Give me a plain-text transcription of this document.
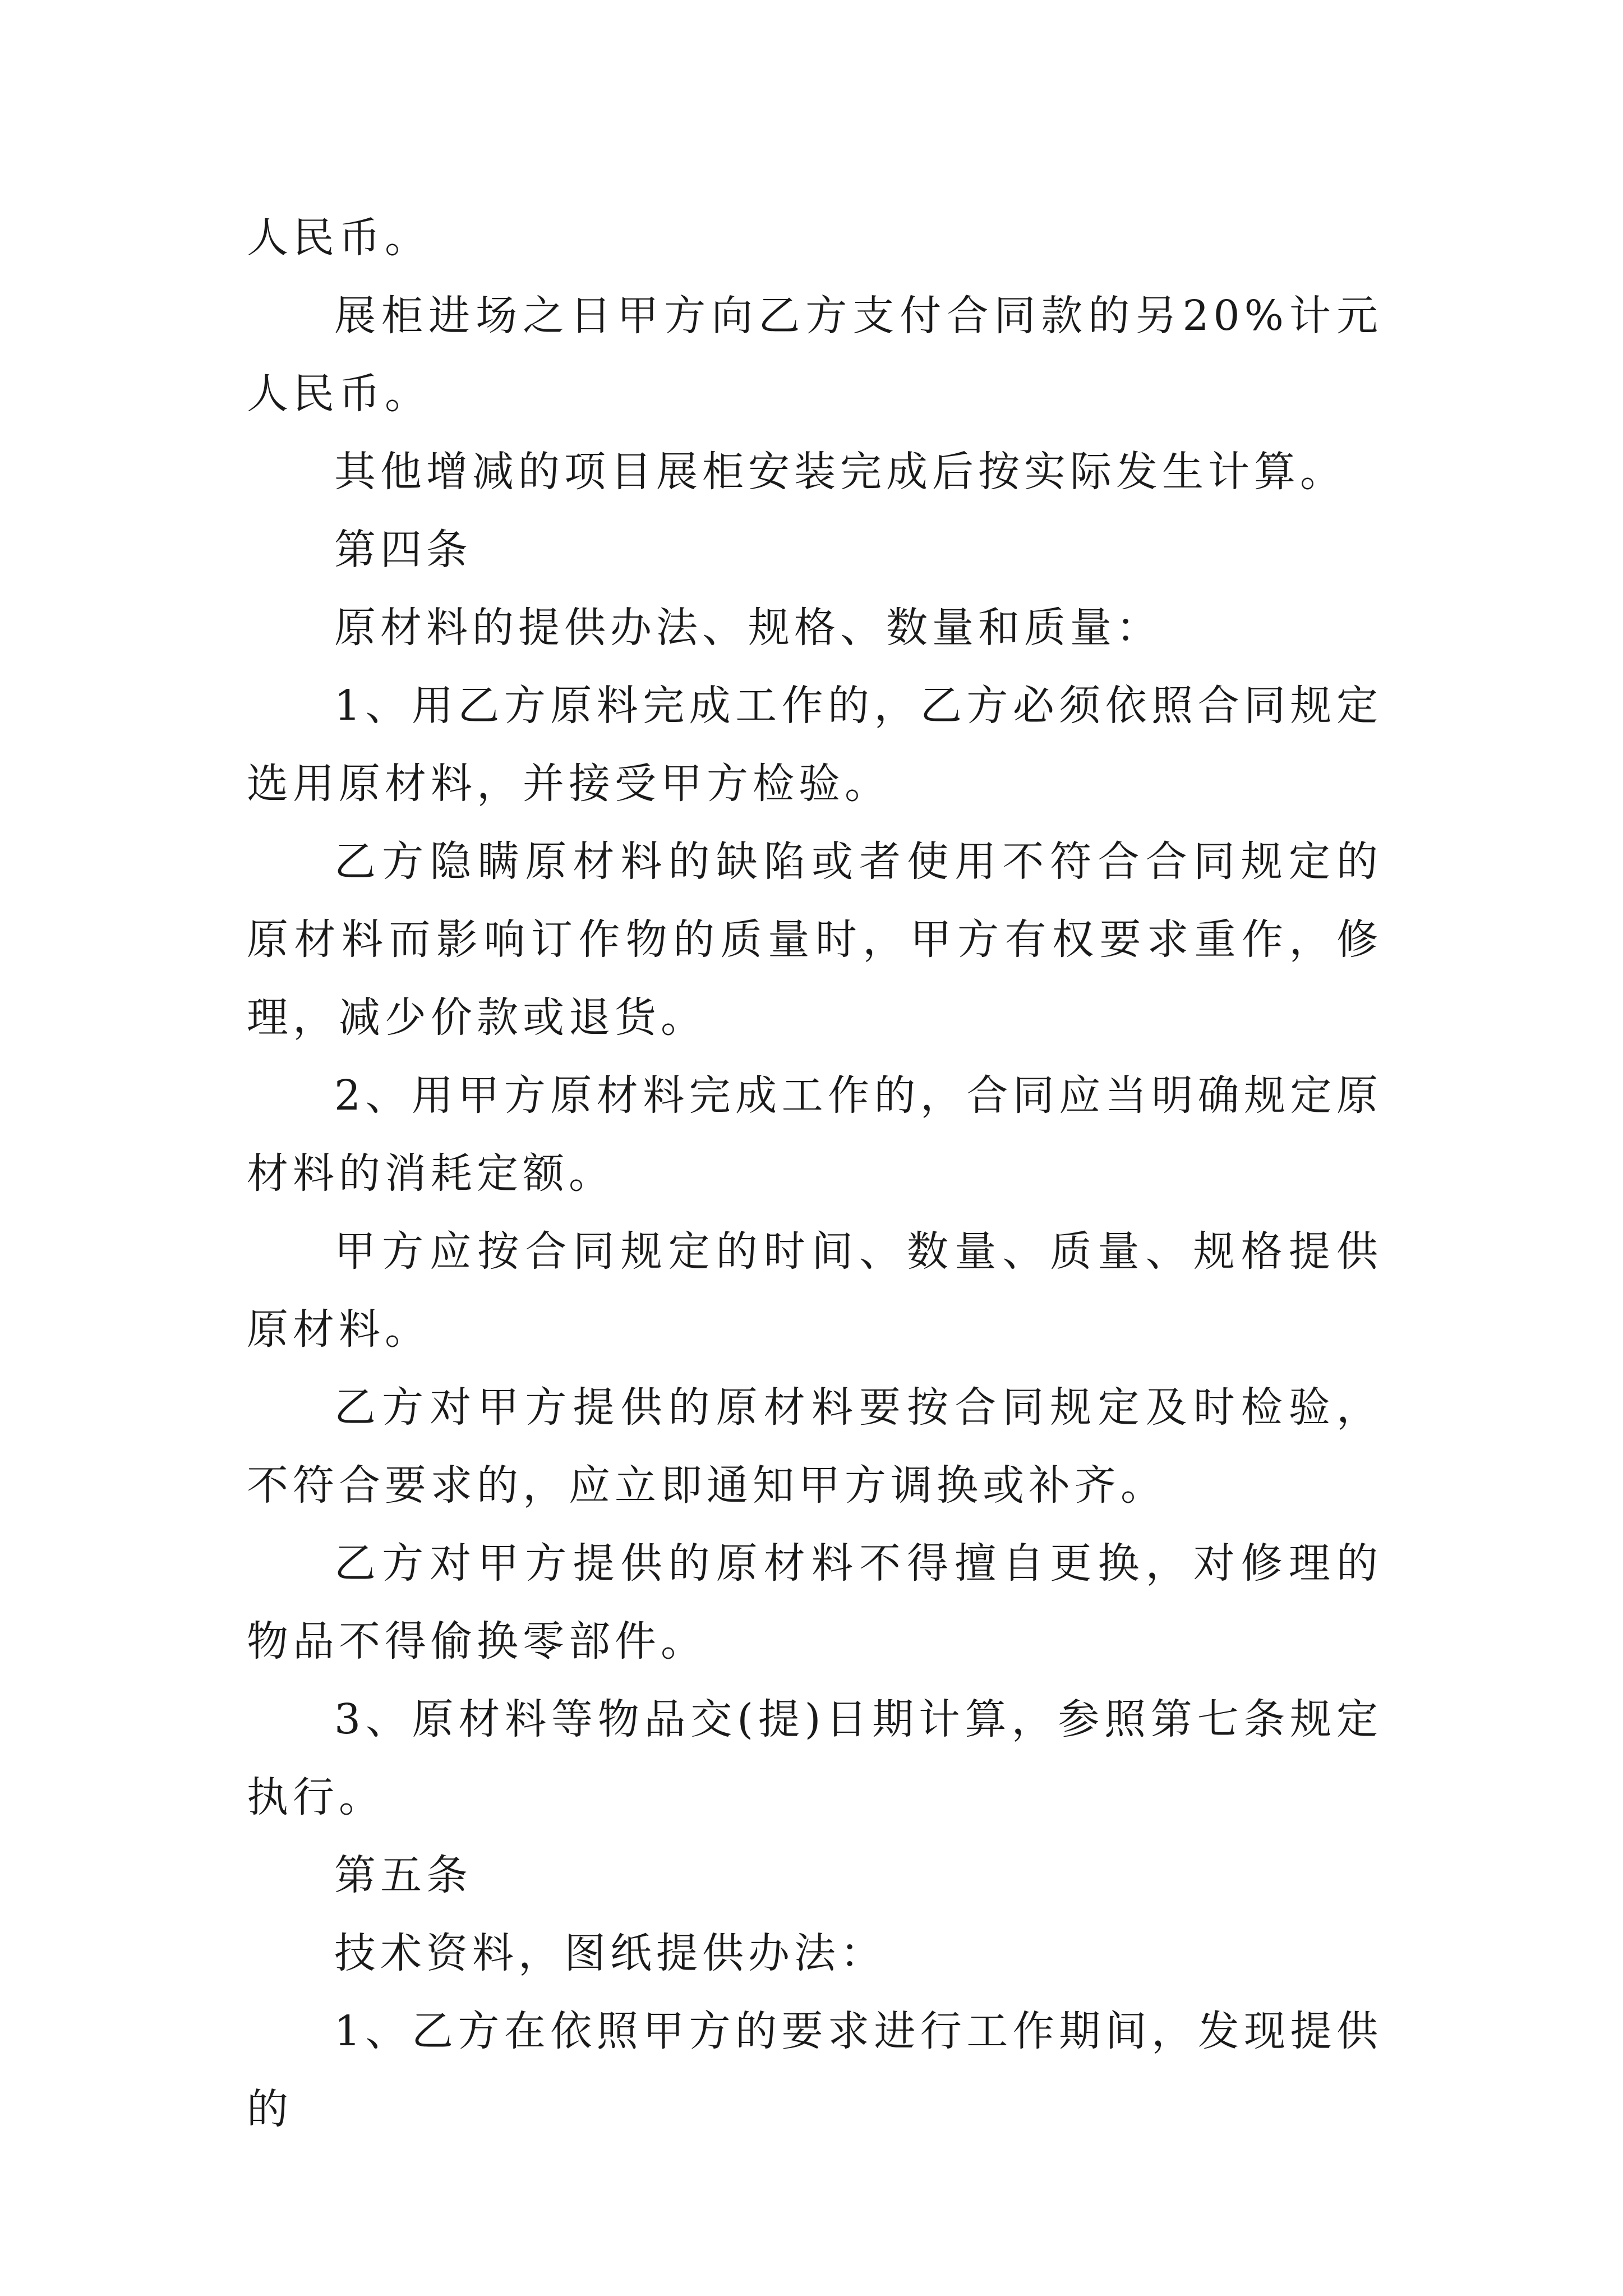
人民币。

展柜进场之日甲方向乙方支付合同款的另20%计元人民币。

其他增减的项目展柜安装完成后按实际发生计算。

第四条

原材料的提供办法、规格、数量和质量：

1、用乙方原料完成工作的，乙方必须依照合同规定选用原材料，并接受甲方检验。

乙方隐瞒原材料的缺陷或者使用不符合合同规定的原材料而影响订作物的质量时，甲方有权要求重作，修理，减少价款或退货。

2、用甲方原材料完成工作的，合同应当明确规定原材料的消耗定额。

甲方应按合同规定的时间、数量、质量、规格提供原材料。

乙方对甲方提供的原材料要按合同规定及时检验，不符合要求的，应立即通知甲方调换或补齐。

乙方对甲方提供的原材料不得擅自更换，对修理的物品不得偷换零部件。

3、原材料等物品交(提)日期计算，参照第七条规定执行。

第五条

技术资料，图纸提供办法：

1、乙方在依照甲方的要求进行工作期间，发现提供的
